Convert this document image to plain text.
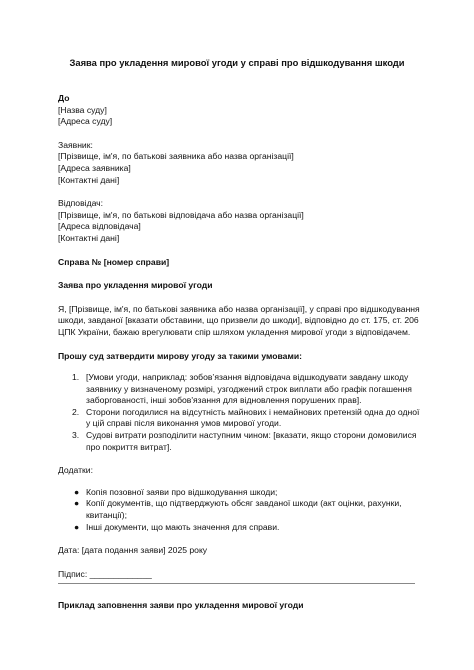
Заява про укладення мирової угоди у справі про відшкодування шкоди
До
[Назва суду]
[Адреса суду]
Заявник:
[Прізвище, ім'я, по батькові заявника або назва організації]
[Адреса заявника]
[Контактні дані]
Відповідач:
[Прізвище, ім'я, по батькові відповідача або назва організації]
[Адреса відповідача]
[Контактні дані]
Справа № [номер справи]
Заява про укладення мирової угоди
Я, [Прізвище, ім'я, по батькові заявника або назва організації], у справі про відшкодування шкоди, завданої [вказати обставини, що призвели до шкоди], відповідно до ст. 175, ст. 206 ЦПК України, бажаю врегулювати спір шляхом укладення мирової угоди з відповідачем.
Прошу суд затвердити мирову угоду за такими умовами:
1. [Умови угоди, наприклад: зобов’язання відповідача відшкодувати завдану шкоду заявнику у визначеному розмірі, узгоджений строк виплати або графік погашення заборгованості, інші зобов'язання для відновлення порушених прав].
2. Сторони погодилися на відсутність майнових і немайнових претензій одна до одної у цій справі після виконання умов мирової угоди.
3. Судові витрати розподілити наступним чином: [вказати, якщо сторони домовилися про покриття витрат].
Додатки:
● Копія позовної заяви про відшкодування шкоди;
● Копії документів, що підтверджують обсяг завданої шкоди (акт оцінки, рахунки, квитанції);
● Інші документи, що мають значення для справи.
Дата: [дата подання заяви] 2025 року
Підпис: _____________
Приклад заповнення заяви про укладення мирової угоди
